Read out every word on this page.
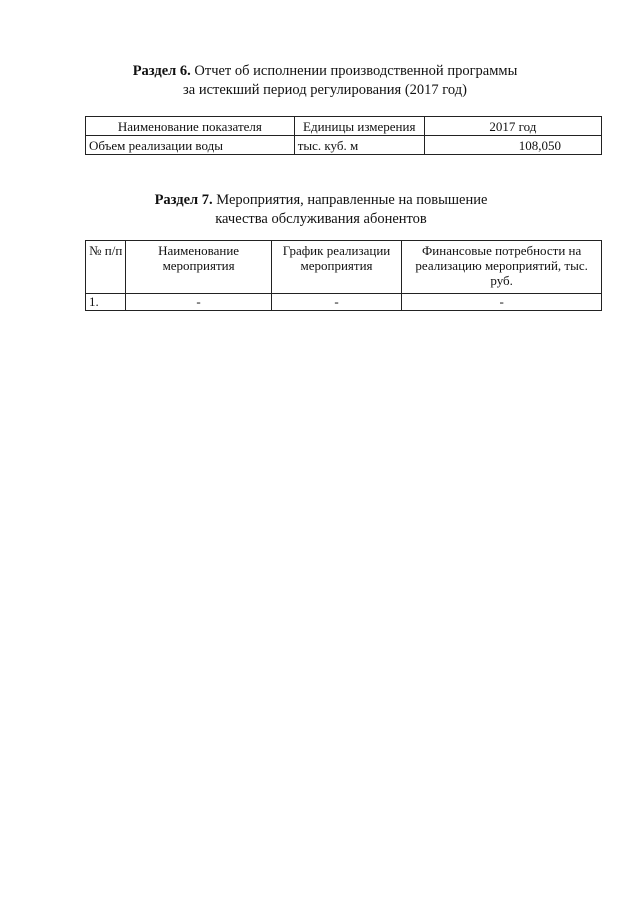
Раздел 6. Отчет об исполнении производственной программы
за истекший период регулирования (2017 год)
Наименование показателя	Единицы измерения	2017 год
Объем реализации воды	тыс. куб. м	108,050
Раздел 7. Мероприятия, направленные на повышение
качества обслуживания абонентов
№ п/п	Наименование мероприятия	График реализации мероприятия	Финансовые потребности на реализацию мероприятий, тыс. руб.
1.	-	-	-
